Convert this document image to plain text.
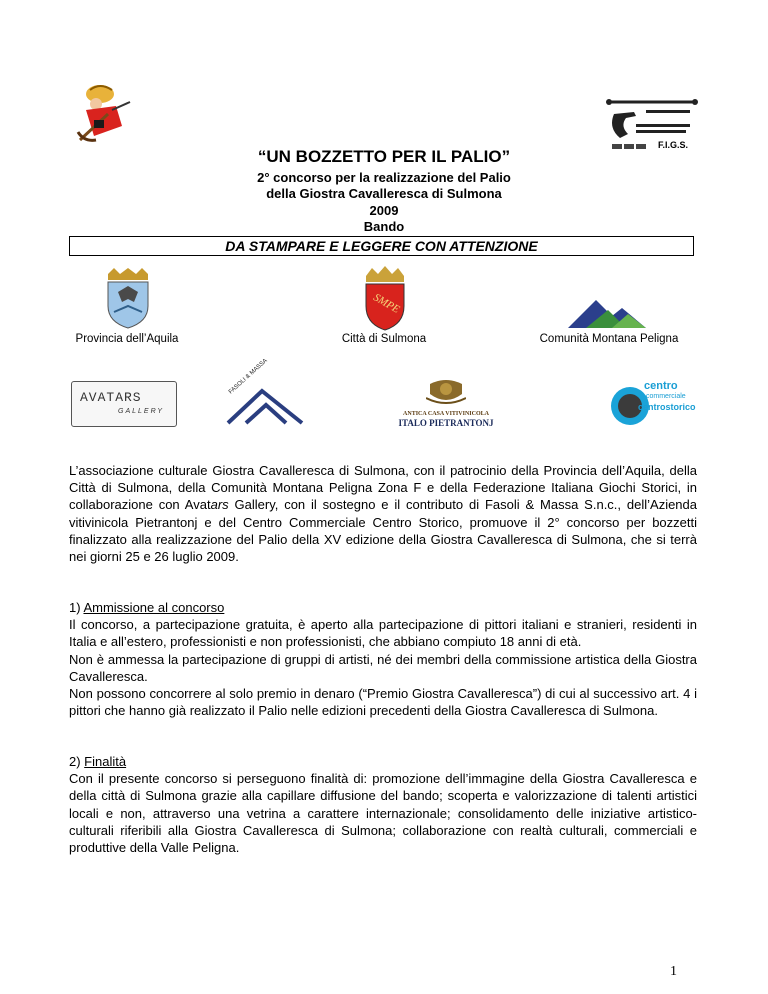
F.I.G.S.
“UN BOZZETTO PER IL PALIO”
2° concorso per la realizzazione del Palio
della Giostra Cavalleresca di Sulmona
2009
Bando
DA STAMPARE E LEGGERE CON ATTENZIONE
SMPE
Provincia dell’Aquila	Città di Sulmona	Comunità Montana Peligna
AVATARS
GALLERY
FASOLI & MASSA
ANTICA CASA VITIVINICOLA
ITALO PIETRANTONJ
centro
commerciale
centrostorico
L’associazione culturale Giostra Cavalleresca di Sulmona, con il patrocinio della Provincia dell’Aquila, della Città di Sulmona, della Comunità Montana Peligna Zona F e della Federazione Italiana Giochi Storici, in collaborazione con Avatars Gallery, con il sostegno e il contributo di Fasoli & Massa S.n.c., dell’Azienda vitivinicola Pietrantonj e del Centro Commerciale Centro Storico, promuove il 2° concorso per bozzetti finalizzato alla realizzazione del Palio della XV edizione della Giostra Cavalleresca di Sulmona, che si terrà nei giorni 25 e 26 luglio 2009.
1) Ammissione al concorso
Il concorso, a partecipazione gratuita, è aperto alla partecipazione di pittori italiani e stranieri, residenti in Italia e all’estero, professionisti e non professionisti, che abbiano compiuto 18 anni di età.
Non è ammessa la partecipazione di gruppi di artisti, né dei membri della commissione artistica della Giostra Cavalleresca.
Non possono concorrere al solo premio in denaro (“Premio Giostra Cavalleresca”) di cui al successivo art. 4 i pittori che hanno già realizzato il Palio nelle edizioni precedenti della Giostra Cavalleresca di Sulmona.
2) Finalità
Con il presente concorso si perseguono finalità di: promozione dell’immagine della Giostra Cavalleresca e della città di Sulmona grazie alla capillare diffusione del bando; scoperta e valorizzazione di talenti artistici locali e non, attraverso una vetrina a carattere internazionale; consolidamento delle iniziative artistico-culturali riferibili alla Giostra Cavalleresca di Sulmona; collaborazione con realtà culturali, commerciali e produttive della Valle Peligna.
1
